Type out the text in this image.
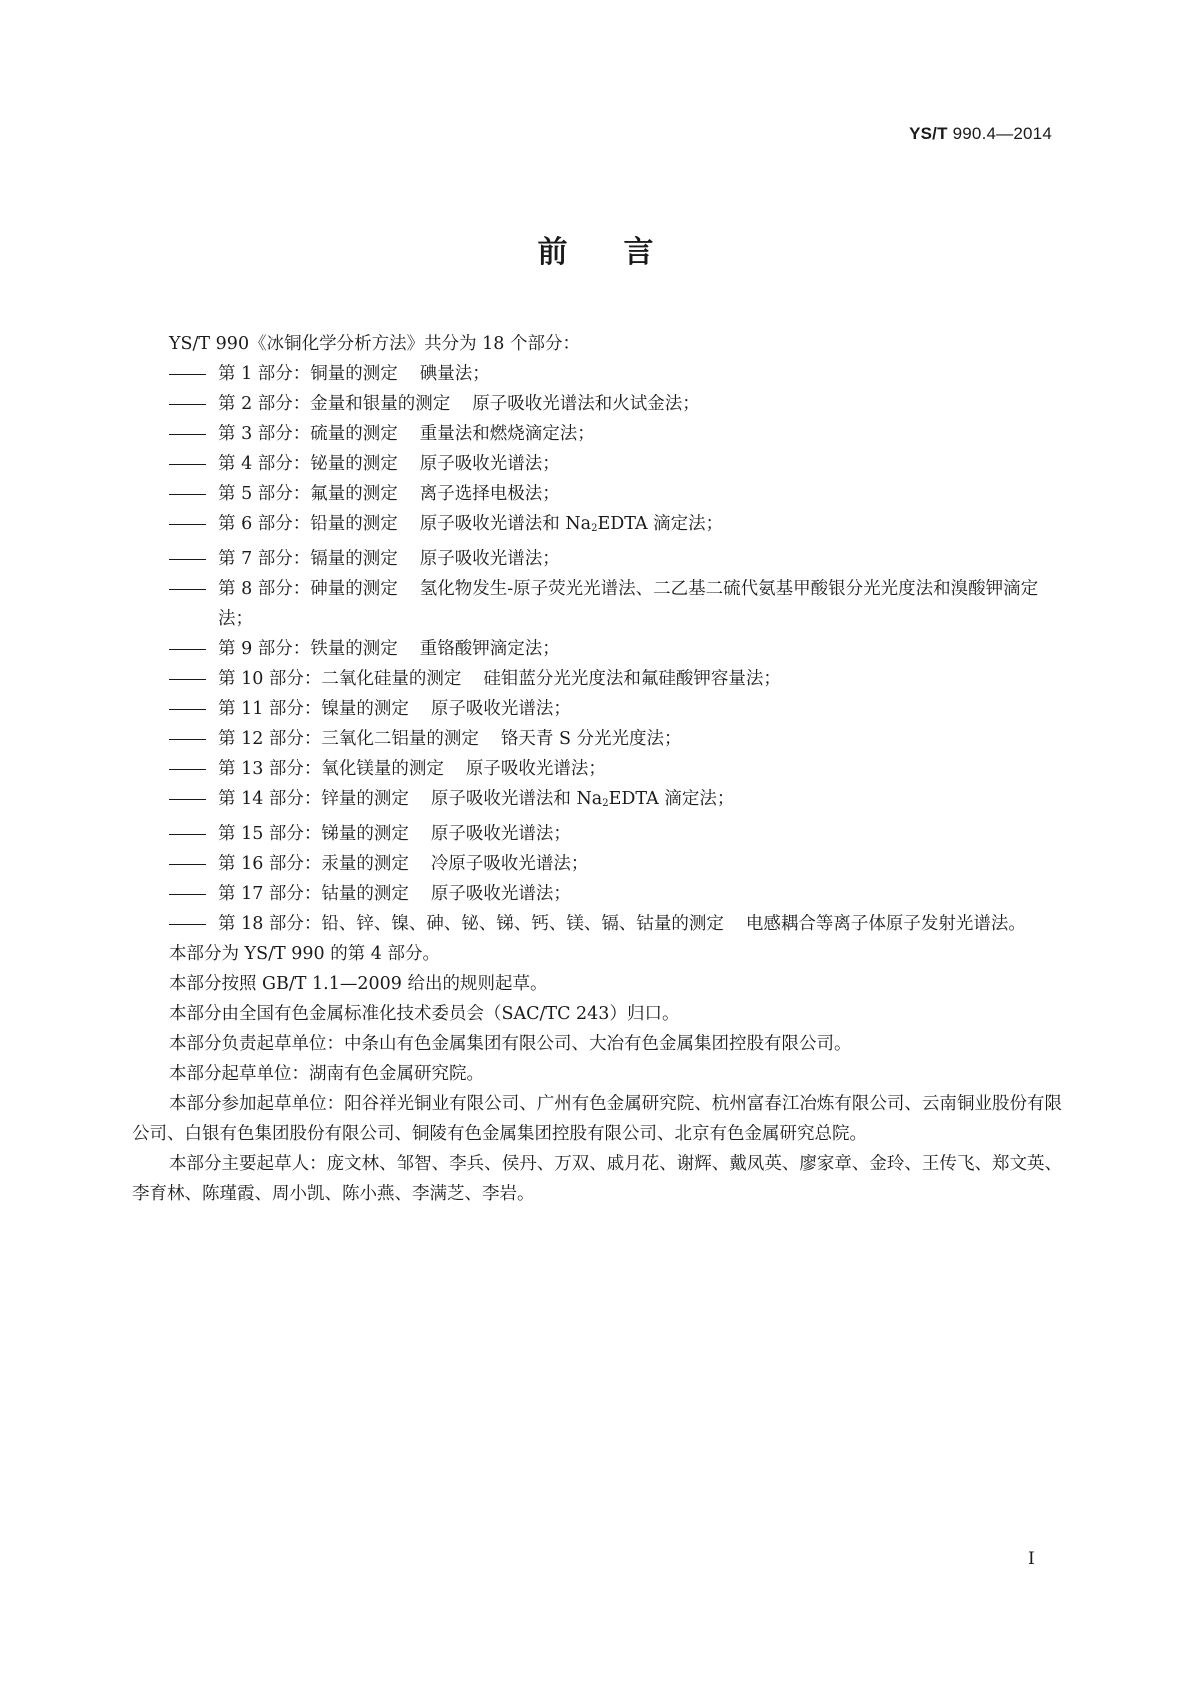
YS/T 990.4—2014
前言

YS/T 990《冰铜化学分析方法》共分为 18 个部分：

第 1 部分：铜量的测定 碘量法；

第 2 部分：金量和银量的测定 原子吸收光谱法和火试金法；

第 3 部分：硫量的测定 重量法和燃烧滴定法；

第 4 部分：铋量的测定 原子吸收光谱法；

第 5 部分：氟量的测定 离子选择电极法；

第 6 部分：铅量的测定 原子吸收光谱法和 $Na_2EDTA$ 滴定法；

第 7 部分：镉量的测定 原子吸收光谱法；

第 8 部分：砷量的测定 氢化物发生-原子荧光光谱法、二乙基二硫代氨基甲酸银分光光度法和溴酸钾滴定法；

第 9 部分：铁量的测定 重铬酸钾滴定法；

第 10 部分：二氧化硅量的测定 硅钼蓝分光光度法和氟硅酸钾容量法；

第 11 部分：镍量的测定 原子吸收光谱法；

第 12 部分：三氧化二铝量的测定 铬天青 S 分光光度法；

第 13 部分：氧化镁量的测定 原子吸收光谱法；

第 14 部分：锌量的测定 原子吸收光谱法和 $Na_2EDTA$ 滴定法；

第 15 部分：锑量的测定 原子吸收光谱法；

第 16 部分：汞量的测定 冷原子吸收光谱法；

第 17 部分：钴量的测定 原子吸收光谱法；

第 18 部分：铅、锌、镍、砷、铋、锑、钙、镁、镉、钴量的测定 电感耦合等离子体原子发射光谱法。

本部分为 YS/T 990 的第 4 部分。

本部分按照 GB/T 1.1—2009 给出的规则起草。

本部分由全国有色金属标准化技术委员会（SAC/TC 243）归口。

本部分负责起草单位：中条山有色金属集团有限公司、大冶有色金属集团控股有限公司。

本部分起草单位：湖南有色金属研究院。

本部分参加起草单位：阳谷祥光铜业有限公司、广州有色金属研究院、杭州富春江冶炼有限公司、云南铜业股份有限公司、白银有色集团股份有限公司、铜陵有色金属集团控股有限公司、北京有色金属研究总院。

本部分主要起草人：庞文林、邹智、李兵、侯丹、万双、戚月花、谢辉、戴凤英、廖家章、金玲、王传飞、郑文英、李育林、陈瑾霞、周小凯、陈小燕、李满芝、李岩。

I
